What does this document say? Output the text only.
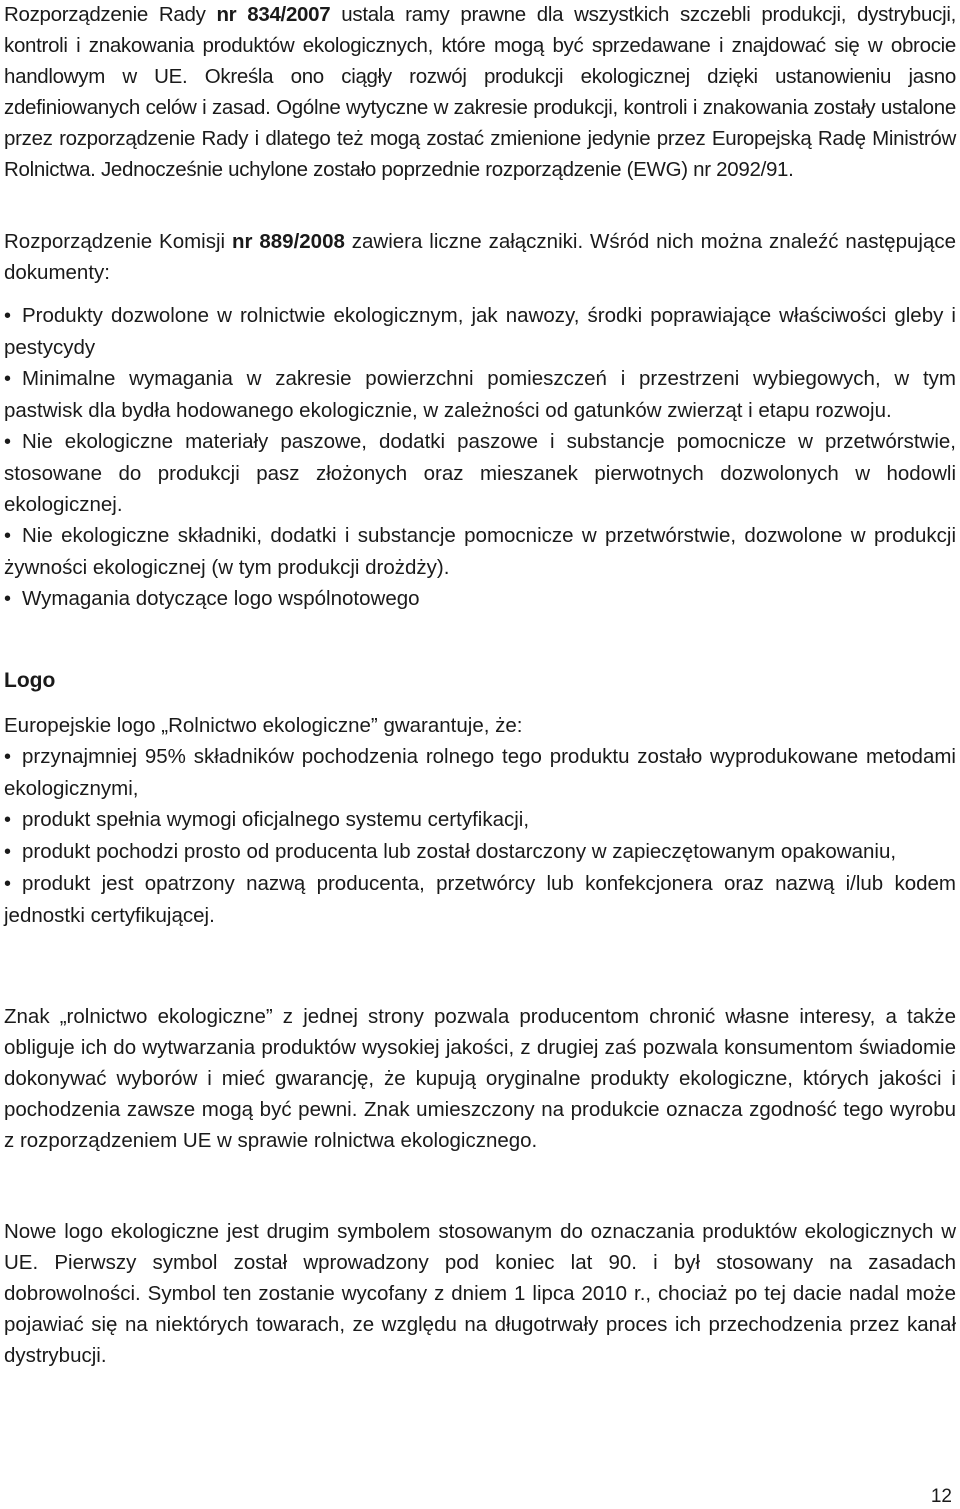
Rozporządzenie Rady nr 834/2007 ustala ramy prawne dla wszystkich szczebli produkcji, dystrybucji, kontroli i znakowania produktów ekologicznych, które mogą być sprzedawane i znajdować się w obrocie handlowym w UE. Określa ono ciągły rozwój produkcji ekologicznej dzięki ustanowieniu jasno zdefiniowanych celów i zasad. Ogólne wytyczne w zakresie produkcji, kontroli i znakowania zostały ustalone przez rozporządzenie Rady i dlatego też mogą zostać zmienione jedynie przez Europejską Radę Ministrów Rolnictwa. Jednocześnie uchylone zostało poprzednie rozporządzenie (EWG) nr 2092/91.

Rozporządzenie Komisji nr 889/2008 zawiera liczne załączniki. Wśród nich można znaleźć następujące dokumenty:

• Produkty dozwolone w rolnictwie ekologicznym, jak nawozy, środki poprawiające właściwości gleby i pestycydy
• Minimalne wymagania w zakresie powierzchni pomieszczeń i przestrzeni wybiegowych, w tym pastwisk dla bydła hodowanego ekologicznie, w zależności od gatunków zwierząt i etapu rozwoju.
• Nie ekologiczne materiały paszowe, dodatki paszowe i substancje pomocnicze w przetwórstwie, stosowane do produkcji pasz złożonych oraz mieszanek pierwotnych dozwolonych w hodowli ekologicznej.
• Nie ekologiczne składniki, dodatki i substancje pomocnicze w przetwórstwie, dozwolone w produkcji żywności ekologicznej (w tym produkcji drożdży).
• Wymagania dotyczące logo wspólnotowego
Logo

Europejskie logo „Rolnictwo ekologiczne” gwarantuje, że:

• przynajmniej 95% składników pochodzenia rolnego tego produktu zostało wyprodukowane metodami ekologicznymi,
• produkt spełnia wymogi oficjalnego systemu certyfikacji,
• produkt pochodzi prosto od producenta lub został dostarczony w zapieczętowanym opakowaniu,
• produkt jest opatrzony nazwą producenta, przetwórcy lub konfekcjonera oraz nazwą i/lub kodem jednostki certyfikującej.

Znak „rolnictwo ekologiczne” z jednej strony pozwala producentom chronić własne interesy, a także obliguje ich do wytwarzania produktów wysokiej jakości, z drugiej zaś pozwala konsumentom świadomie dokonywać wyborów i mieć gwarancję, że kupują oryginalne produkty ekologiczne, których jakości i pochodzenia zawsze mogą być pewni. Znak umieszczony na produkcie oznacza zgodność tego wyrobu z rozporządzeniem UE w sprawie rolnictwa ekologicznego.

Nowe logo ekologiczne jest drugim symbolem stosowanym do oznaczania produktów ekologicznych w UE. Pierwszy symbol został wprowadzony pod koniec lat 90. i był stosowany na zasadach dobrowolności. Symbol ten zostanie wycofany z dniem 1 lipca 2010 r., chociaż po tej dacie nadal może pojawiać się na niektórych towarach, ze względu na długotrwały proces ich przechodzenia przez kanał dystrybucji.

12
